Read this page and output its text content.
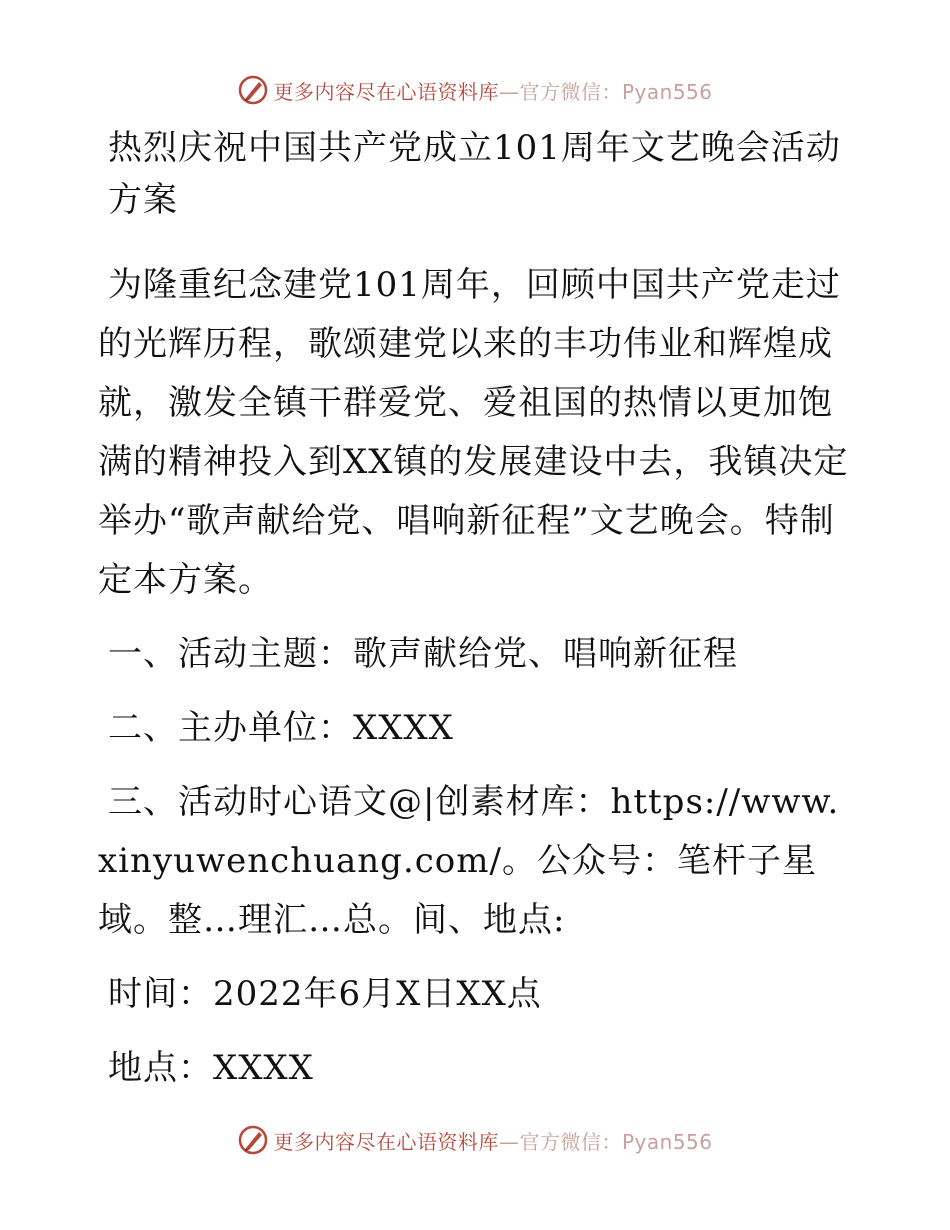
更多内容尽在心语资料库—官方微信：Pyan556
热烈庆祝中国共产党成立101周年文艺晚会活动方案

为隆重纪念建党101周年，回顾中国共产党走过的光辉历程，歌颂建党以来的丰功伟业和辉煌成就，激发全镇干群爱党、爱祖国的热情以更加饱满的精神投入到XX镇的发展建设中去，我镇决定举办“歌声献给党、唱响新征程”文艺晚会。特制定本方案。

一、活动主题：歌声献给党、唱响新征程

二、主办单位：XXXX

三、活动时心语文@|创素材库：https://www.xinyuwenchuang.com/。公众号：笔杆子星域。整…理汇…总。间、地点:

时间：2022年6月X日XX点

地点：XXXX

更多内容尽在心语资料库—官方微信：Pyan556
